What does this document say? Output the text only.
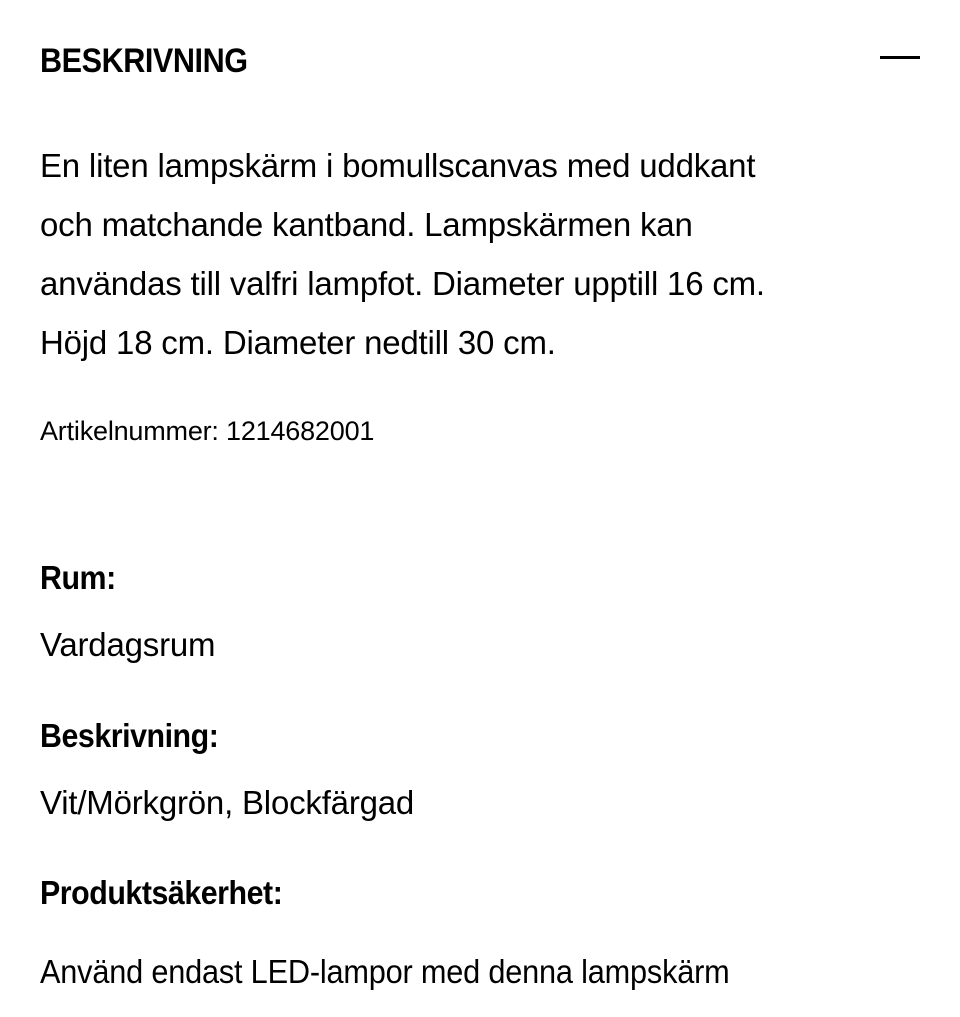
BESKRIVNING

En liten lampskärm i bomullscanvas med uddkant
och matchande kantband. Lampskärmen kan
användas till valfri lampfot. Diameter upptill 16 cm.
Höjd 18 cm. Diameter nedtill 30 cm.

Artikelnummer: 1214682001
Rum:
Vardagsrum
Beskrivning:
Vit/Mörkgrön, Blockfärgad
Produktsäkerhet:
Använd endast LED-lampor med denna lampskärm
